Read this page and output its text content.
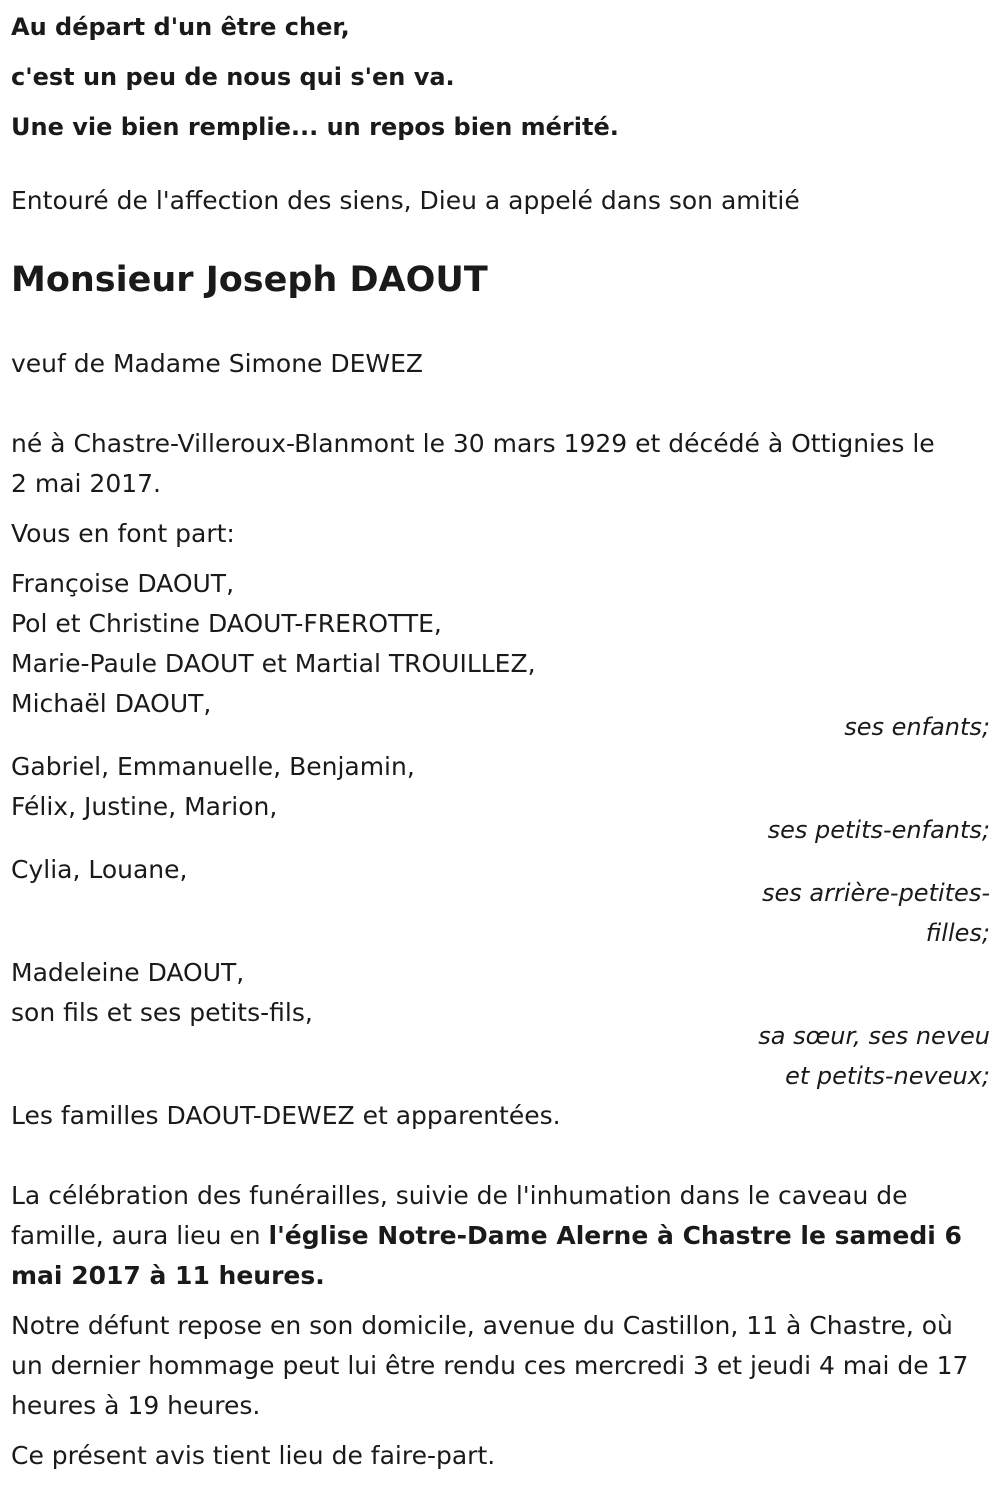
Au départ d'un être cher,

c'est un peu de nous qui s'en va.

Une vie bien remplie... un repos bien mérité.

Entouré de l'affection des siens, Dieu a appelé dans son amitié

Monsieur Joseph DAOUT

veuf de Madame Simone DEWEZ

né à Chastre-Villeroux-Blanmont le 30 mars 1929 et décédé à Ottignies le

2 mai 2017.

Vous en font part:

Françoise DAOUT,

Pol et Christine DAOUT-FREROTTE,

Marie-Paule DAOUT et Martial TROUILLEZ,

Michaël DAOUT,

ses enfants;

Gabriel, Emmanuelle, Benjamin,

Félix, Justine, Marion,

ses petits-enfants;

Cylia, Louane,

ses arrière-petites-

filles;

Madeleine DAOUT,

son fils et ses petits-fils,

sa sœur, ses neveu

et petits-neveux;

Les familles DAOUT-DEWEZ et apparentées.

La célébration des funérailles, suivie de l'inhumation dans le caveau de famille, aura lieu en l'église Notre-Dame Alerne à Chastre le samedi 6 mai 2017 à 11 heures.

Notre défunt repose en son domicile, avenue du Castillon, 11 à Chastre, où un dernier hommage peut lui être rendu ces mercredi 3 et jeudi 4 mai de 17 heures à 19 heures.

Ce présent avis tient lieu de faire-part.
